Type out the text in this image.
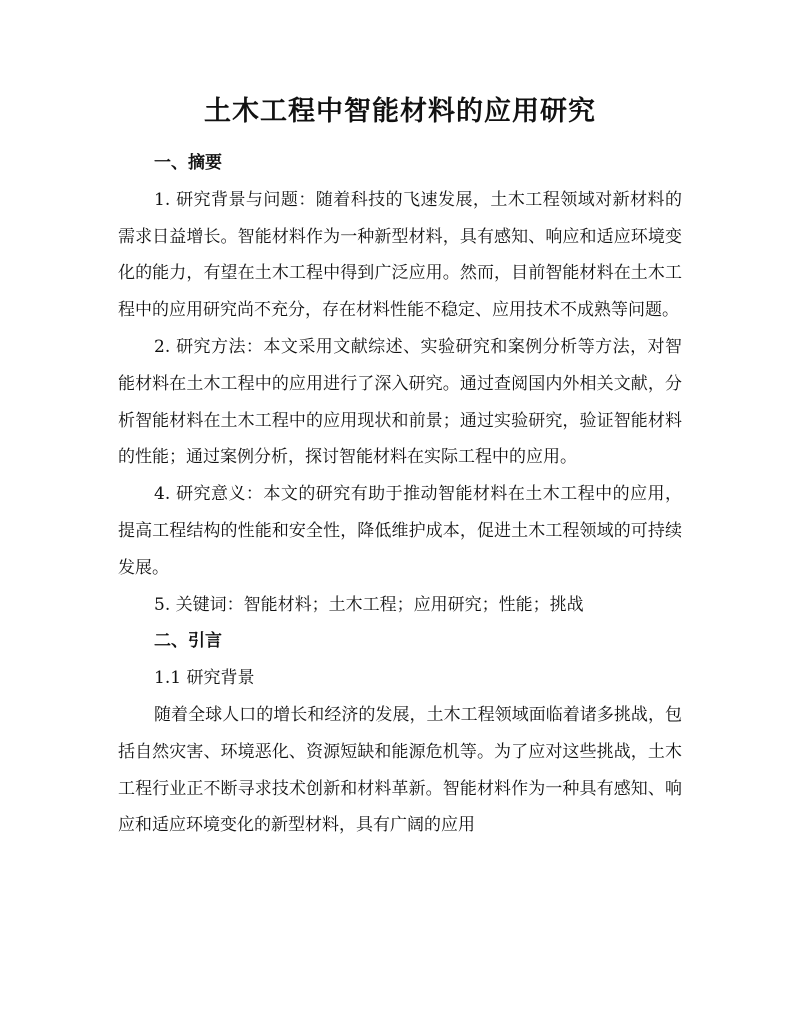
土木工程中智能材料的应用研究

一、摘要

1. 研究背景与问题：随着科技的飞速发展，土木工程领域对新材料的需求日益增长。智能材料作为一种新型材料，具有感知、响应和适应环境变化的能力，有望在土木工程中得到广泛应用。然而，目前智能材料在土木工程中的应用研究尚不充分，存在材料性能不稳定、应用技术不成熟等问题。

2. 研究方法：本文采用文献综述、实验研究和案例分析等方法，对智能材料在土木工程中的应用进行了深入研究。通过查阅国内外相关文献，分析智能材料在土木工程中的应用现状和前景；通过实验研究，验证智能材料的性能；通过案例分析，探讨智能材料在实际工程中的应用。

4. 研究意义：本文的研究有助于推动智能材料在土木工程中的应用，提高工程结构的性能和安全性，降低维护成本，促进土木工程领域的可持续发展。

5. 关键词：智能材料；土木工程；应用研究；性能；挑战

二、引言

1.1 研究背景

随着全球人口的增长和经济的发展，土木工程领域面临着诸多挑战，包括自然灾害、环境恶化、资源短缺和能源危机等。为了应对这些挑战，土木工程行业正不断寻求技术创新和材料革新。智能材料作为一种具有感知、响应和适应环境变化的新型材料，具有广阔的应用
